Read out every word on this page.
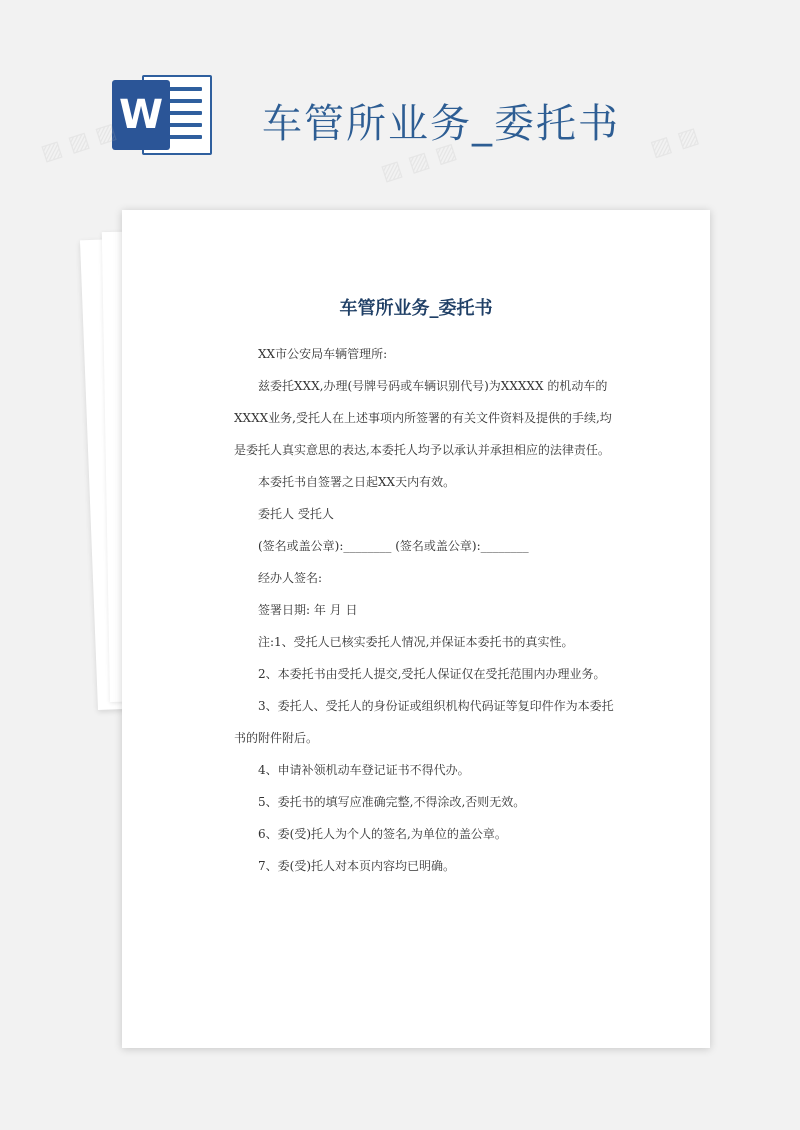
W 车管所业务_委托书
▨ ▨ ▨	▨ ▨ ▨	▨ ▨
车管所业务_委托书

XX市公安局车辆管理所:

兹委托XXX,办理(号牌号码或车辆识别代号)为XXXXX 的机动车的XXXX业务,受托人在上述事项内所签署的有关文件资料及提供的手续,均是委托人真实意思的表达,本委托人均予以承认并承担相应的法律责任。

本委托书自签署之日起XX天内有效。

委托人 受托人

(签名或盖公章):________ (签名或盖公章):________

经办人签名:

签署日期: 年 月 日

注:1、受托人已核实委托人情况,并保证本委托书的真实性。

2、本委托书由受托人提交,受托人保证仅在受托范围内办理业务。

3、委托人、受托人的身份证或组织机构代码证等复印件作为本委托书的附件附后。

4、申请补领机动车登记证书不得代办。

5、委托书的填写应准确完整,不得涂改,否则无效。

6、委(受)托人为个人的签名,为单位的盖公章。

7、委(受)托人对本页内容均已明确。
